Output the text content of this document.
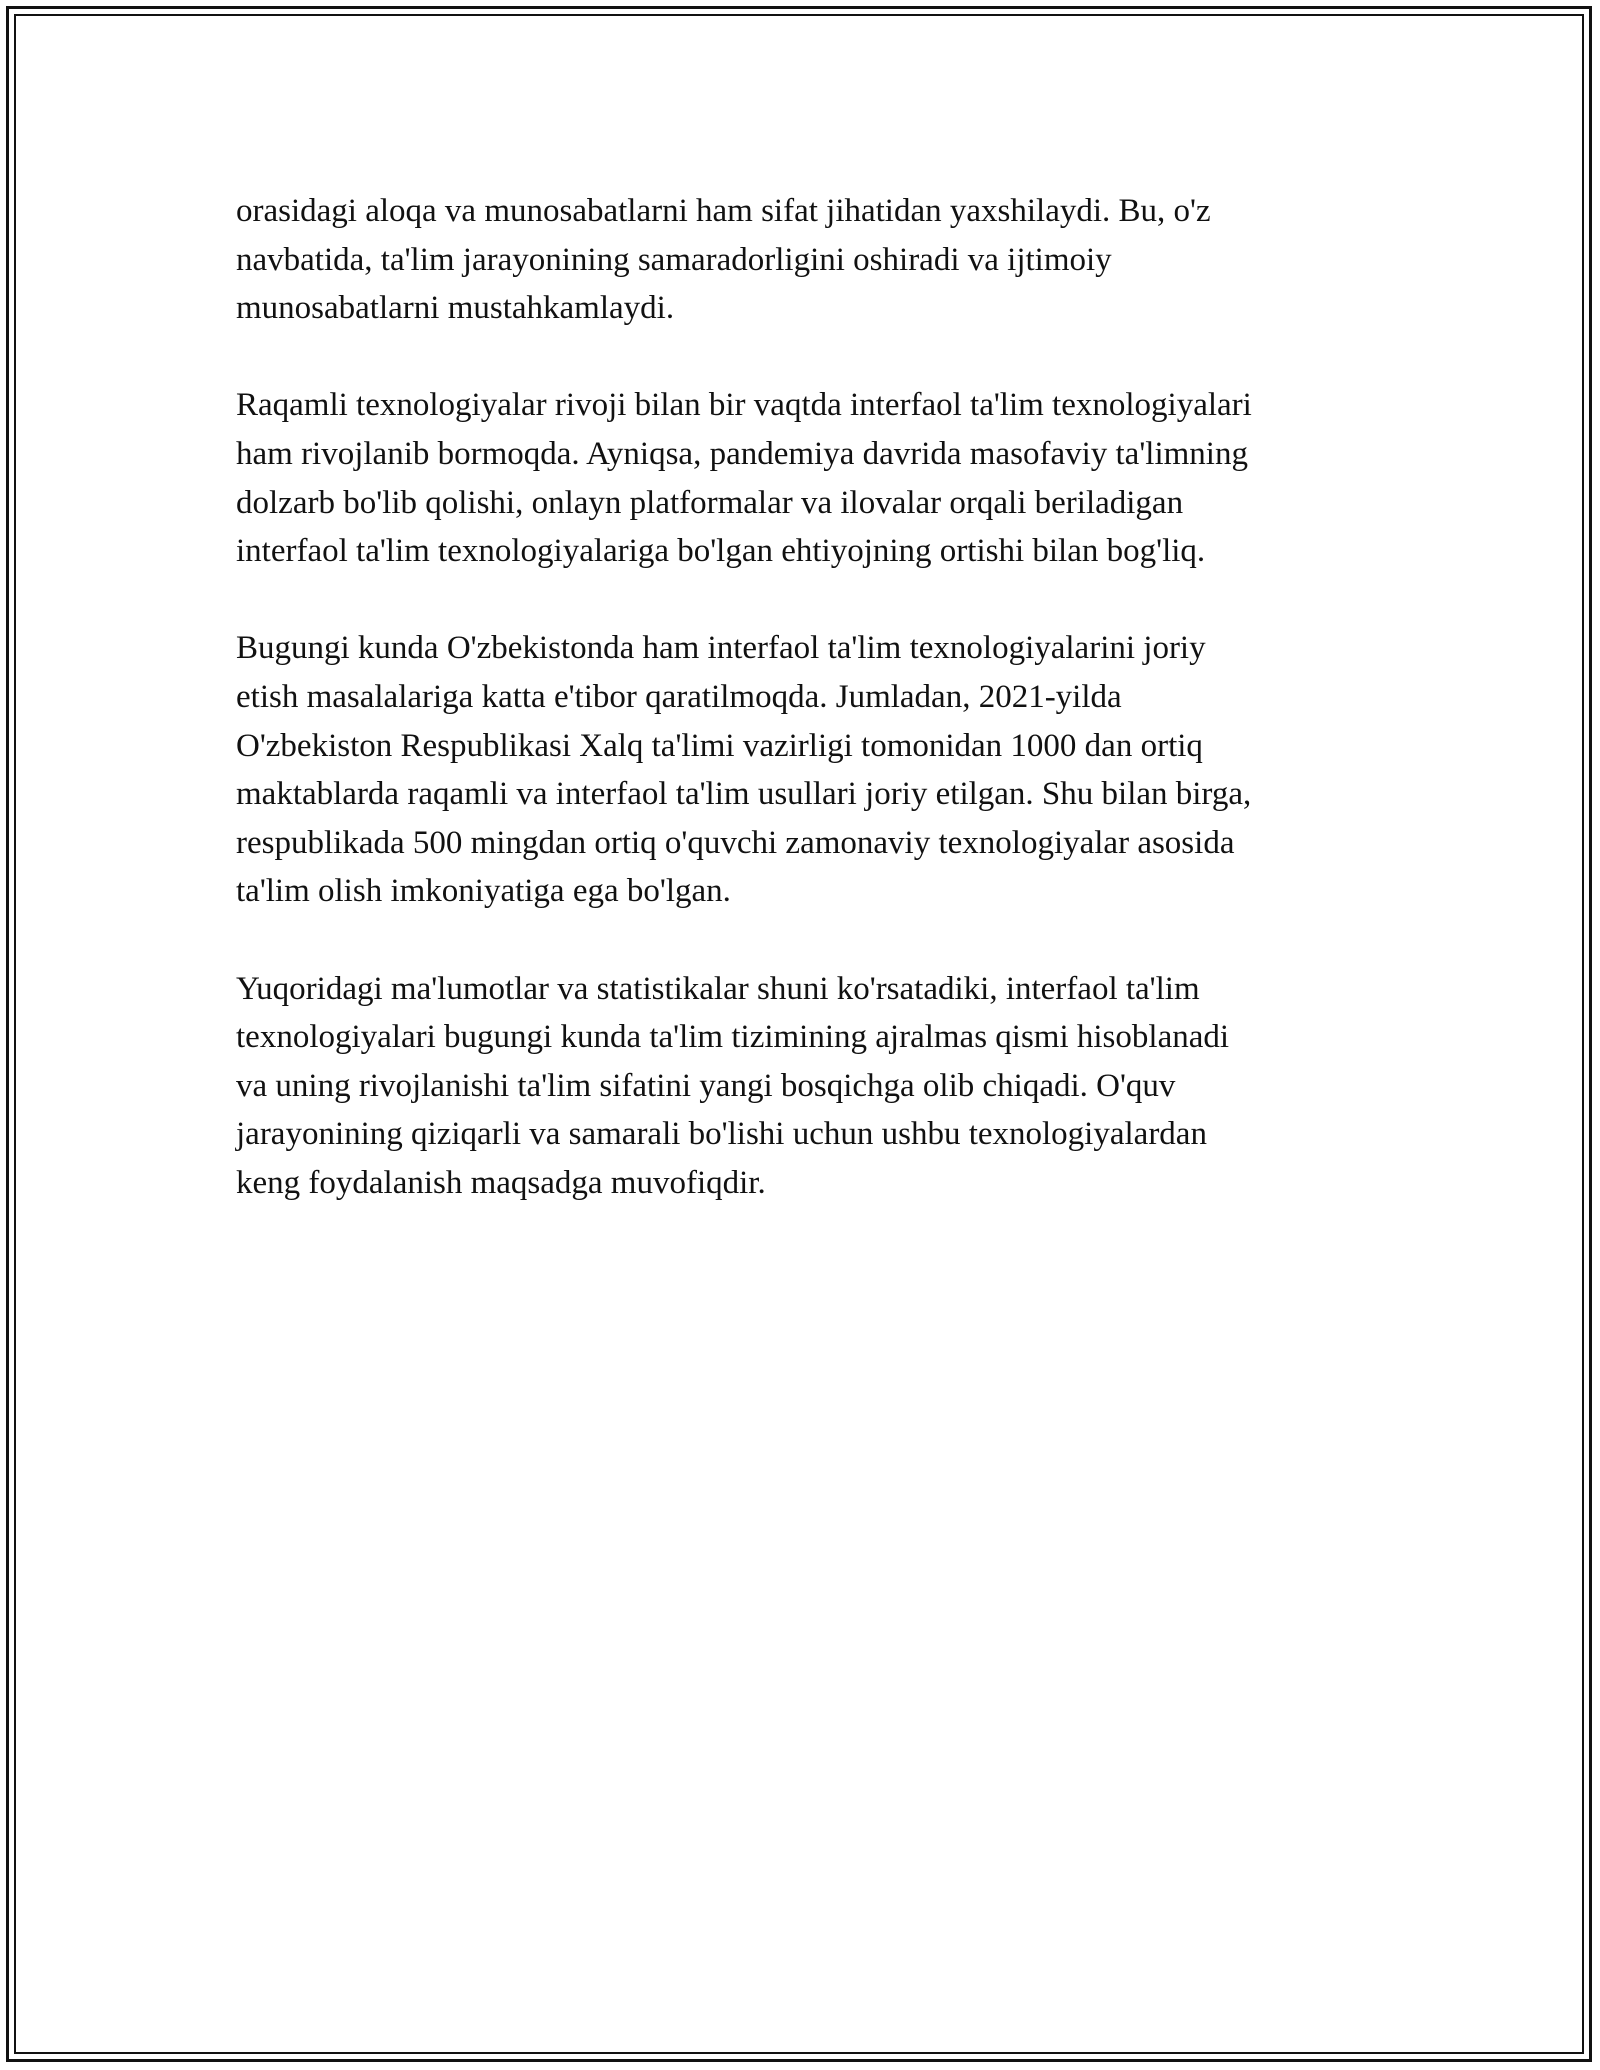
orasidagi aloqa va munosabatlarni ham sifat jihatidan yaxshilaydi. Bu, o'z
navbatida, ta'lim jarayonining samaradorligini oshiradi va ijtimoiy
munosabatlarni mustahkamlaydi.

Raqamli texnologiyalar rivoji bilan bir vaqtda interfaol ta'lim texnologiyalari
ham rivojlanib bormoqda. Ayniqsa, pandemiya davrida masofaviy ta'limning
dolzarb bo'lib qolishi, onlayn platformalar va ilovalar orqali beriladigan
interfaol ta'lim texnologiyalariga bo'lgan ehtiyojning ortishi bilan bog'liq.

Bugungi kunda O'zbekistonda ham interfaol ta'lim texnologiyalarini joriy
etish masalalariga katta e'tibor qaratilmoqda. Jumladan, 2021-yilda
O'zbekiston Respublikasi Xalq ta'limi vazirligi tomonidan 1000 dan ortiq
maktablarda raqamli va interfaol ta'lim usullari joriy etilgan. Shu bilan birga,
respublikada 500 mingdan ortiq o'quvchi zamonaviy texnologiyalar asosida
ta'lim olish imkoniyatiga ega bo'lgan.

Yuqoridagi ma'lumotlar va statistikalar shuni ko'rsatadiki, interfaol ta'lim
texnologiyalari bugungi kunda ta'lim tizimining ajralmas qismi hisoblanadi
va uning rivojlanishi ta'lim sifatini yangi bosqichga olib chiqadi. O'quv
jarayonining qiziqarli va samarali bo'lishi uchun ushbu texnologiyalardan
keng foydalanish maqsadga muvofiqdir.
